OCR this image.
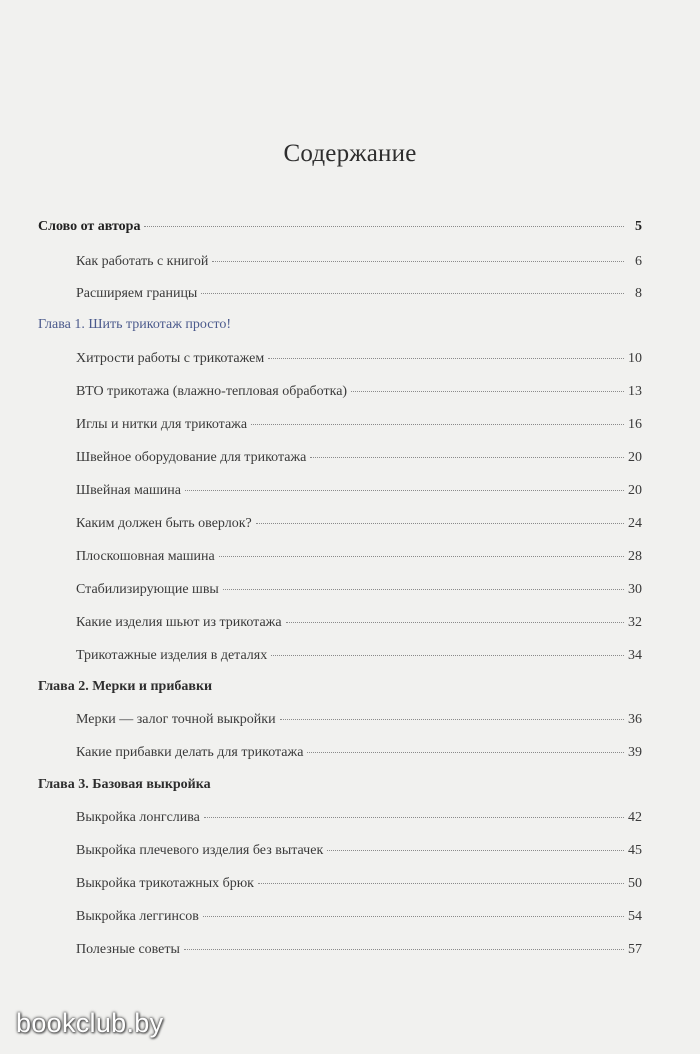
Содержание
Слово от автора	5
Как работать с книгой	6
Расширяем границы	8
Глава 1. Шить трикотаж просто!
Хитрости работы с трикотажем	10
ВТО трикотажа (влажно-тепловая обработка)	13
Иглы и нитки для трикотажа	16
Швейное оборудование для трикотажа	20
Швейная машина	20
Каким должен быть оверлок?	24
Плоскошовная машина	28
Стабилизирующие швы	30
Какие изделия шьют из трикотажа	32
Трикотажные изделия в деталях	34
Глава 2. Мерки и прибавки
Мерки — залог точной выкройки	36
Какие прибавки делать для трикотажа	39
Глава 3. Базовая выкройка
Выкройка лонгслива	42
Выкройка плечевого изделия без вытачек	45
Выкройка трикотажных брюк	50
Выкройка леггинсов	54
Полезные советы	57
bookclub.by
